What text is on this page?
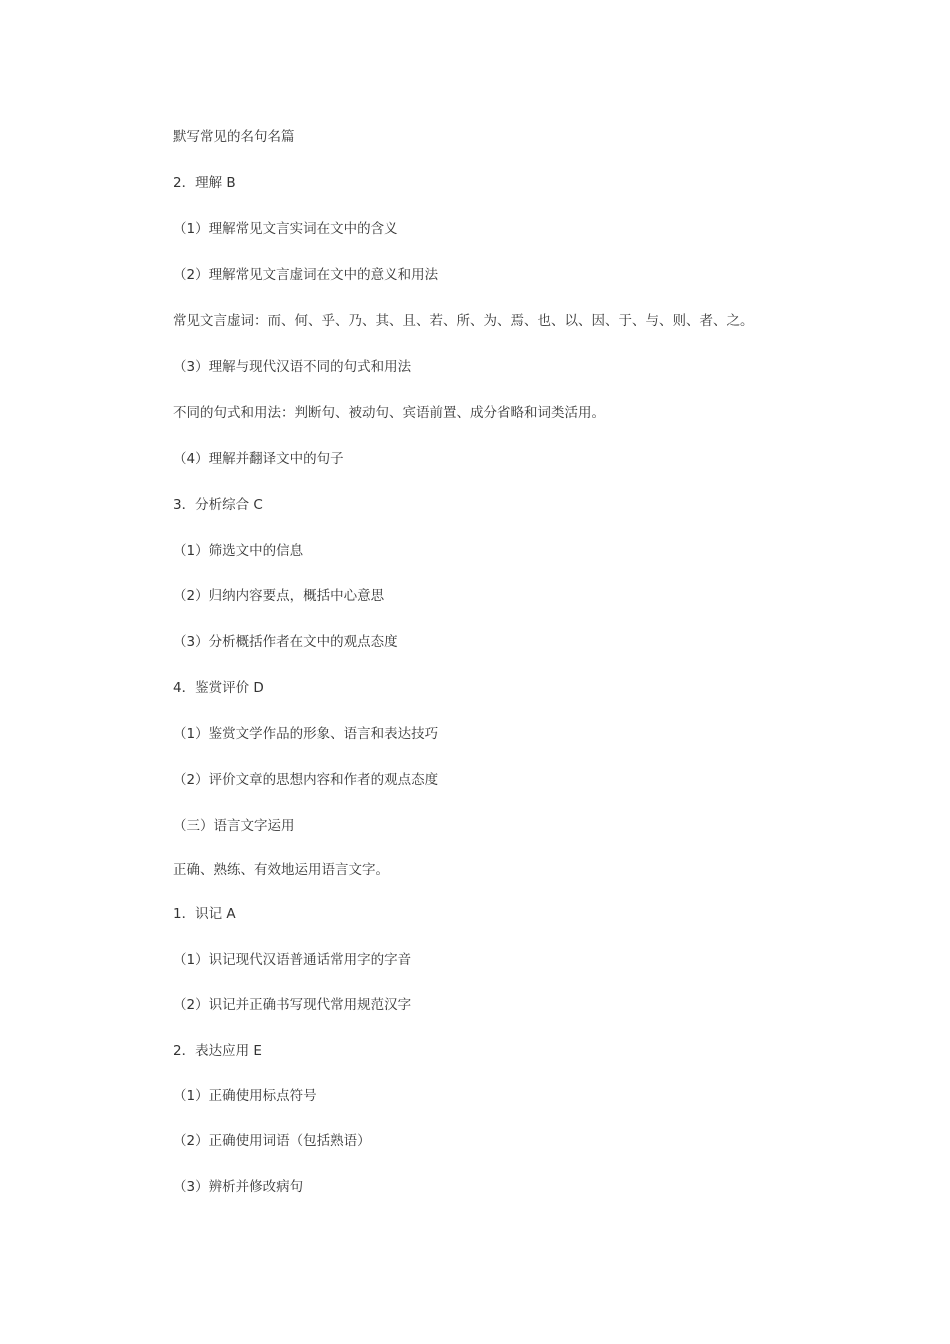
默写常见的名句名篇
2．理解 B
（1）理解常见文言实词在文中的含义
（2）理解常见文言虚词在文中的意义和用法
常见文言虚词：而、何、乎、乃、其、且、若、所、为、焉、也、以、因、于、与、则、者、之。
（3）理解与现代汉语不同的句式和用法
不同的句式和用法：判断句、被动句、宾语前置、成分省略和词类活用。
（4）理解并翻译文中的句子
3．分析综合 C
（1）筛选文中的信息
（2）归纳内容要点，概括中心意思
（3）分析概括作者在文中的观点态度
4．鉴赏评价 D
（1）鉴赏文学作品的形象、语言和表达技巧
（2）评价文章的思想内容和作者的观点态度
（三）语言文字运用
正确、熟练、有效地运用语言文字。
1．识记 A
（1）识记现代汉语普通话常用字的字音
（2）识记并正确书写现代常用规范汉字
2．表达应用 E
（1）正确使用标点符号
（2）正确使用词语（包括熟语）
（3）辨析并修改病句
